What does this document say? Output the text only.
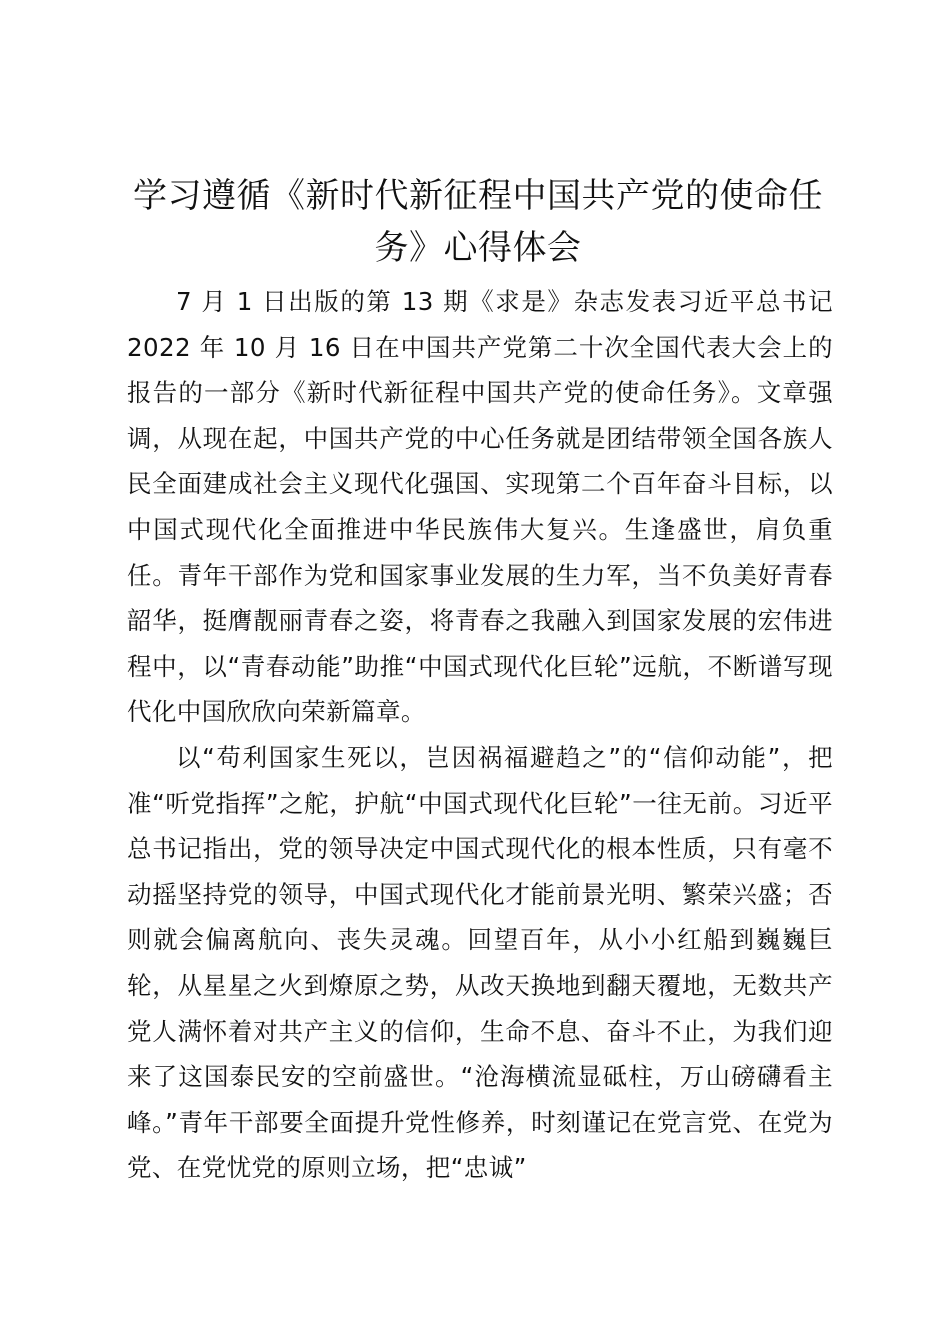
学习遵循《新时代新征程中国共产党的使命任务》心得体会

7 月 1 日出版的第 13 期《求是》杂志发表习近平总书记 2022 年 10 月 16 日在中国共产党第二十次全国代表大会上的报告的一部分《新时代新征程中国共产党的使命任务》。文章强调，从现在起，中国共产党的中心任务就是团结带领全国各族人民全面建成社会主义现代化强国、实现第二个百年奋斗目标，以中国式现代化全面推进中华民族伟大复兴。生逢盛世，肩负重任。青年干部作为党和国家事业发展的生力军，当不负美好青春韶华，挺膺靓丽青春之姿，将青春之我融入到国家发展的宏伟进程中，以“青春动能”助推“中国式现代化巨轮”远航，不断谱写现代化中国欣欣向荣新篇章。

以“苟利国家生死以，岂因祸福避趋之”的“信仰动能”，把准“听党指挥”之舵，护航“中国式现代化巨轮”一往无前。习近平总书记指出，党的领导决定中国式现代化的根本性质，只有毫不动摇坚持党的领导，中国式现代化才能前景光明、繁荣兴盛；否则就会偏离航向、丧失灵魂。回望百年，从小小红船到巍巍巨轮，从星星之火到燎原之势，从改天换地到翻天覆地，无数共产党人满怀着对共产主义的信仰，生命不息、奋斗不止，为我们迎来了这国泰民安的空前盛世。“沧海横流显砥柱，万山磅礴看主峰。”青年干部要全面提升党性修养，时刻谨记在党言党、在党为党、在党忧党的原则立场，把“忠诚”
